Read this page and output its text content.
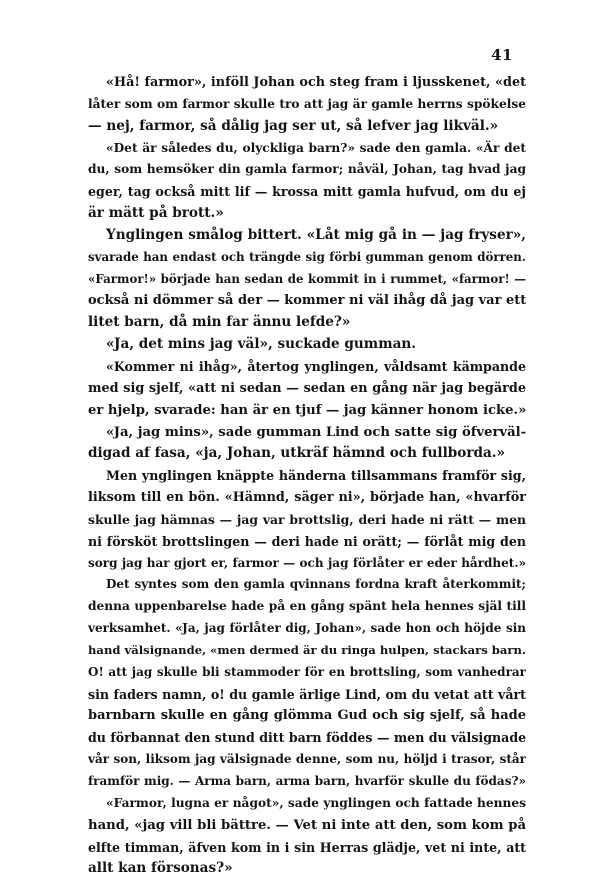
41
«Hå! farmor», inföll Johan och steg fram i ljusskenet, «det
låter som om farmor skulle tro att jag är gamle herrns spökelse
— nej, farmor, så dålig jag ser ut, så lefver jag likväl.»
«Det är således du, olyckliga barn?» sade den gamla. «Är det
du, som hemsöker din gamla farmor; nåväl, Johan, tag hvad jag
eger, tag också mitt lif — krossa mitt gamla hufvud, om du ej
är mätt på brott.»
Ynglingen smålog bittert. «Låt mig gå in — jag fryser»,
svarade han endast och trängde sig förbi gumman genom dörren.
«Farmor!» började han sedan de kommit in i rummet, «farmor! —
också ni dömmer så der — kommer ni väl ihåg då jag var ett
litet barn, då min far ännu lefde?»
«Ja, det mins jag väl», suckade gumman.
«Kommer ni ihåg», återtog ynglingen, våldsamt kämpande
med sig sjelf, «att ni sedan — sedan en gång när jag begärde
er hjelp, svarade: han är en tjuf — jag känner honom icke.»
«Ja, jag mins», sade gumman Lind och satte sig öfverväl-
digad af fasa, «ja, Johan, utkräf hämnd och fullborda.»
Men ynglingen knäppte händerna tillsammans framför sig,
liksom till en bön. «Hämnd, säger ni», började han, «hvarför
skulle jag hämnas — jag var brottslig, deri hade ni rätt — men
ni försköt brottslingen — deri hade ni orätt; — förlåt mig den
sorg jag har gjort er, farmor — och jag förlåter er eder hårdhet.»
Det syntes som den gamla qvinnans fordna kraft återkommit;
denna uppenbarelse hade på en gång spänt hela hennes själ till
verksamhet. «Ja, jag förlåter dig, Johan», sade hon och höjde sin
hand välsignande, «men dermed är du ringa hulpen, stackars barn.
O! att jag skulle bli stammoder för en brottsling, som vanhedrar
sin faders namn, o! du gamle ärlige Lind, om du vetat att vårt
barnbarn skulle en gång glömma Gud och sig sjelf, så hade
du förbannat den stund ditt barn föddes — men du välsignade
vår son, liksom jag välsignade denne, som nu, höljd i trasor, står
framför mig. — Arma barn, arma barn, hvarför skulle du födas?»
«Farmor, lugna er något», sade ynglingen och fattade hennes
hand, «jag vill bli bättre. — Vet ni inte att den, som kom på
elfte timman, äfven kom in i sin Herras glädje, vet ni inte, att
allt kan försonas?»
